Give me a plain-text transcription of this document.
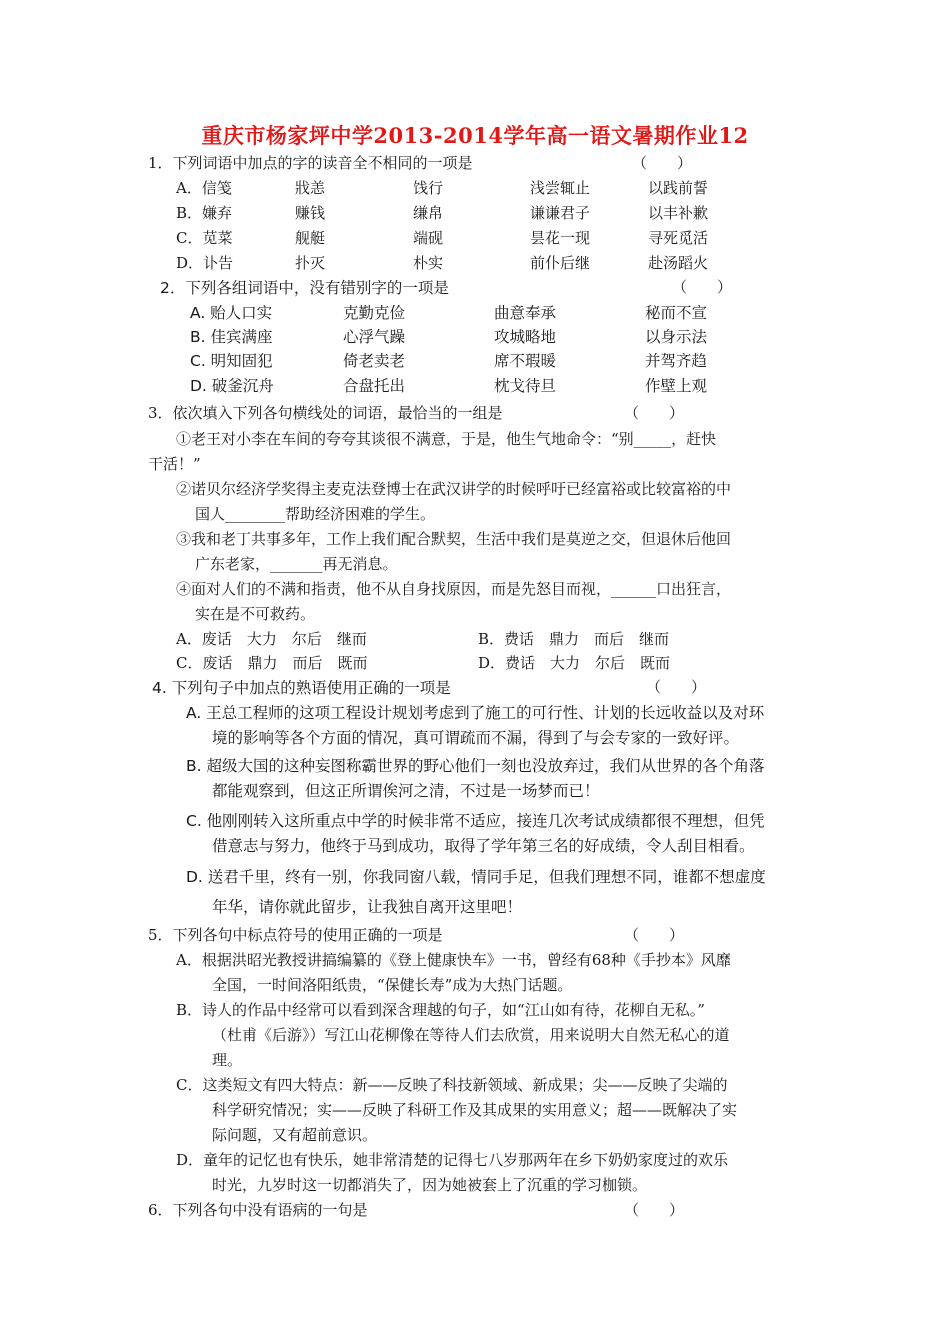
重庆市杨家坪中学2013-2014学年高一语文暑期作业12
1．下列词语中加点的字的读音全不相同的一项是	（　　）
A．信笺	戕恙	饯行	浅尝辄止	以践前誓
B．嫌弃	赚钱	缣帛	谦谦君子	以丰补歉
C．苋菜	舰艇	端砚	昙花一现	寻死觅活
D．讣告	扑灭	朴实	前仆后继	赴汤蹈火
2．下列各组词语中，没有错别字的一项是	（　　）
A. 贻人口实	克勤克俭	曲意奉承	秘而不宣
B. 佳宾满座	心浮气躁	攻城略地	以身示法
C. 明知固犯	倚老卖老	席不瑕暖	并驾齐趋
D. 破釜沉舟	合盘托出	枕戈待旦	作壁上观
3．依次填入下列各句横线处的词语，最恰当的一组是	（　　）
①老王对小李在车间的夸夸其谈很不满意，于是，他生气地命令：“别_____，赶快
干活！”
②诺贝尔经济学奖得主麦克法登博士在武汉讲学的时候呼吁已经富裕或比较富裕的中
国人________帮助经济困难的学生。
③我和老丁共事多年，工作上我们配合默契，生活中我们是莫逆之交，但退休后他回
广东老家，_______再无消息。
④面对人们的不满和指责，他不从自身找原因，而是先怒目而视，______口出狂言，
实在是不可救药。
A．废话　大力　尔后　继而	B．费话　鼎力　而后　继而
C．废话　鼎力　而后　既而	D．费话　大力　尔后　既而
4. 下列句子中加点的熟语使用正确的一项是	（　　）
A. 王总工程师的这项工程设计规划考虑到了施工的可行性、计划的长远收益以及对环
境的影响等各个方面的情况，真可谓疏而不漏，得到了与会专家的一致好评。
B. 超级大国的这种妄图称霸世界的野心他们一刻也没放弃过，我们从世界的各个角落
都能观察到，但这正所谓俟河之清，不过是一场梦而已！
C. 他刚刚转入这所重点中学的时候非常不适应，接连几次考试成绩都很不理想，但凭
借意志与努力，他终于马到成功，取得了学年第三名的好成绩，令人刮目相看。
D. 送君千里，终有一别，你我同窗八载，情同手足，但我们理想不同，谁都不想虚度
年华，请你就此留步，让我独自离开这里吧！
5．下列各句中标点符号的使用正确的一项是	（　　）
A．根据洪昭光教授讲搞编纂的《登上健康快车》一书，曾经有68种《手抄本》风靡
全国，一时间洛阳纸贵，“保健长寿”成为大热门话题。
B．诗人的作品中经常可以看到深含理越的句子，如“江山如有待，花柳自无私。”
（杜甫《后游》）写江山花柳像在等待人们去欣赏，用来说明大自然无私心的道
理。
C．这类短文有四大特点：新——反映了科技新领域、新成果；尖——反映了尖端的
科学研究情况；实——反映了科研工作及其成果的实用意义；超——既解决了实
际问题，又有超前意识。
D．童年的记忆也有快乐，她非常清楚的记得七八岁那两年在乡下奶奶家度过的欢乐
时光，九岁时这一切都消失了，因为她被套上了沉重的学习枷锁。
6．下列各句中没有语病的一句是	（　　）
